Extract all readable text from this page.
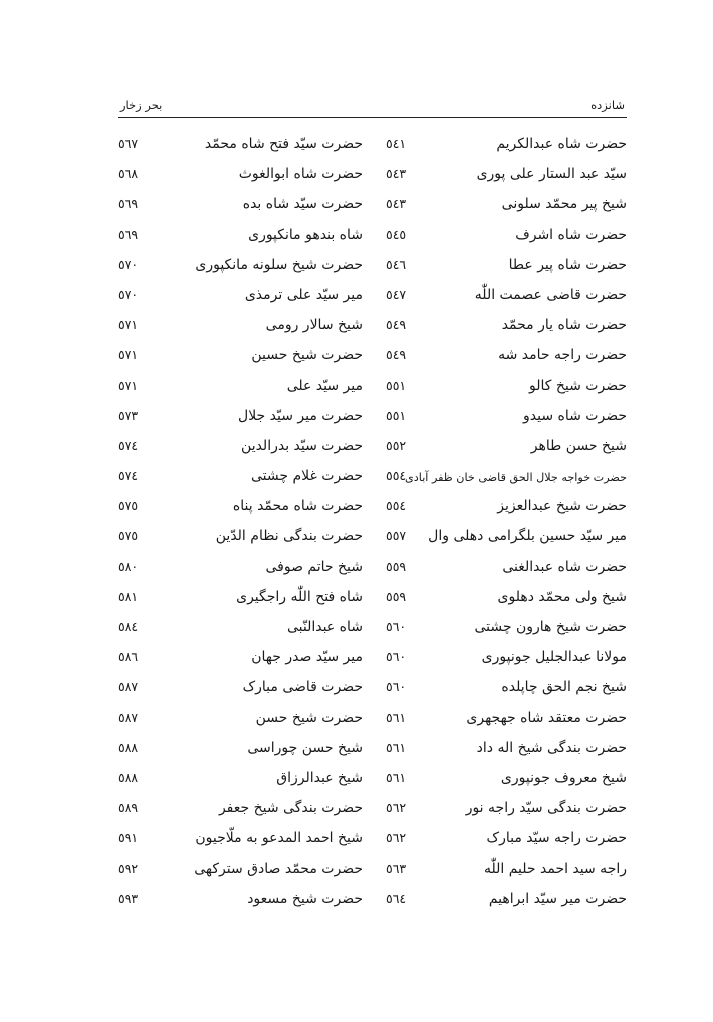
شانزده
بحر زخار
حضرت شاه عبدالکریم
٥٤١
حضرت سیّد فتح شاه محمّد
٥٦٧
سیّد عبد الستار علی پوری
٥٤٣
حضرت شاه ابوالغوث
٥٦٨
شیخ پیر محمّد سلونی
٥٤٣
حضرت سیّد شاه بده
٥٦٩
حضرت شاه اشرف
٥٤٥
شاه بندهو مانکپوری
٥٦٩
حضرت شاه پیر عطا
٥٤٦
حضرت شیخ سلونه مانکپوری
٥٧٠
حضرت قاضی عصمت اللّٰه
٥٤٧
میر سیّد علی ترمذی
٥٧٠
حضرت شاه یار محمّد
٥٤٩
شیخ سالار رومی
٥٧١
حضرت راجه حامد شه
٥٤٩
حضرت شیخ حسین
٥٧١
حضرت شیخ کالو
٥٥١
میر سیّد علی
٥٧١
حضرت شاه سیدو
٥٥١
حضرت میر سیّد جلال
٥٧٣
شیخ حسن طاهر
٥٥٢
حضرت سیّد بدرالدین
٥٧٤
حضرت خواجه جلال الحق قاضی خان ظفر آبادی
٥٥٤
حضرت غلام چشتی
٥٧٤
حضرت شیخ عبدالعزیز
٥٥٤
حضرت شاه محمّد پناه
٥٧٥
میر سیّد حسین بلگرامی دهلی وال
٥٥٧
حضرت بندگی نظام الدّین
٥٧٥
حضرت شاه عبدالغنی
٥٥٩
شیخ حاتم صوفی
٥٨٠
شیخ ولی محمّد دهلوی
٥٥٩
شاه فتح اللّٰه راجگیری
٥٨١
حضرت شیخ هارون چشتی
٥٦٠
شاه عبدالنّبی
٥٨٤
مولانا عبدالجلیل جونپوری
٥٦٠
میر سیّد صدر جهان
٥٨٦
شیخ نجم الحق چاپلده
٥٦٠
حضرت قاضی مبارک
٥٨٧
حضرت معتقد شاه جهجهری
٥٦١
حضرت شیخ حسن
٥٨٧
حضرت بندگی شیخ اله داد
٥٦١
شیخ حسن چوراسی
٥٨٨
شیخ معروف جونپوری
٥٦١
شیخ عبدالرزاق
٥٨٨
حضرت بندگی سیّد راجه نور
٥٦٢
حضرت بندگی شیخ جعفر
٥٨٩
حضرت راجه سیّد مبارک
٥٦٢
شیخ احمد المدعو به ملّاجیون
٥٩١
راجه سید احمد حلیم اللّٰه
٥٦٣
حضرت محمّد صادق سترکهی
٥٩٢
حضرت میر سیّد ابراهیم
٥٦٤
حضرت شیخ مسعود
٥٩٣
